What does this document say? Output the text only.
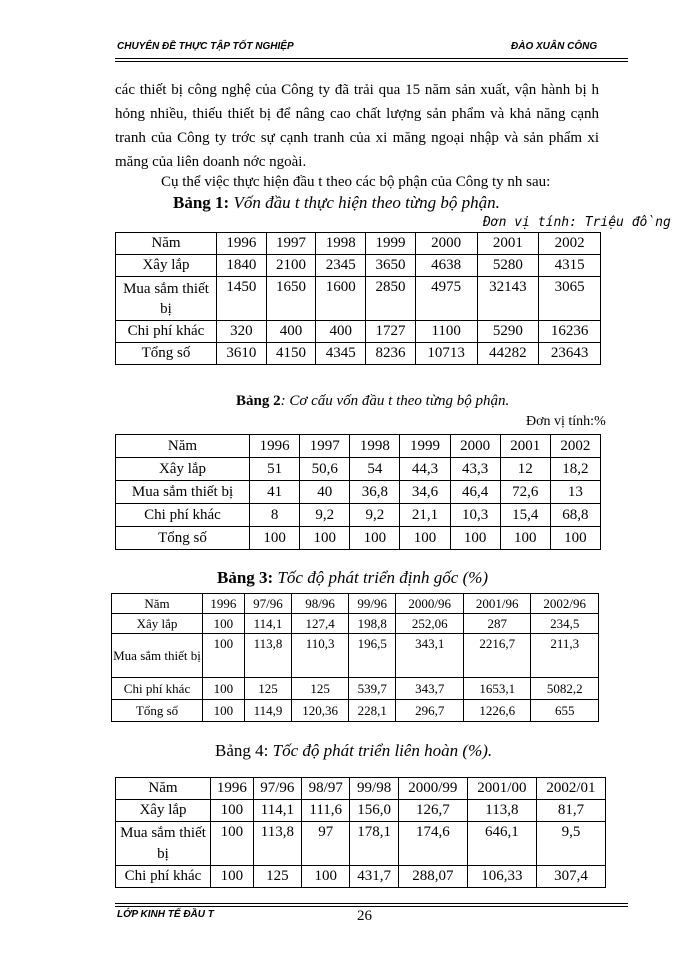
CHUYÊN ĐỀ THỰC TẬP TỐT NGHIỆP	ĐÀO XUÂN CÔNG

các thiết bị công nghệ của Công ty đã trải qua 15 năm sản xuất, vận hành bị h hỏng nhiều, thiếu thiết bị để nâng cao chất lượng sản phẩm và khả năng cạnh tranh của Công ty trớc sự cạnh tranh của xi măng ngoại nhập và sản phẩm xi măng của liên doanh nớc ngoài.

Cụ thể việc thực hiện đầu t theo các bộ phận của Công ty nh sau:
Bảng 1: Vốn đầu t thực hiện theo từng bộ phận.
Đơn vị tính: Triệu đồng
Năm	1996	1997	1998	1999	2000	2001	2002
Xây lắp	1840	2100	2345	3650	4638	5280	4315
Mua sắm thiết bị	1450	1650	1600	2850	4975	32143	3065
Chi phí khác	320	400	400	1727	1100	5290	16236
Tổng số	3610	4150	4345	8236	10713	44282	23643
Bảng 2: Cơ cấu vốn đầu t theo từng bộ phận.
Đơn vị tính:%
Năm	1996	1997	1998	1999	2000	2001	2002
Xây lắp	51	50,6	54	44,3	43,3	12	18,2
Mua sắm thiết bị	41	40	36,8	34,6	46,4	72,6	13
Chi phí khác	8	9,2	9,2	21,1	10,3	15,4	68,8
Tổng số	100	100	100	100	100	100	100
Bảng 3: Tốc độ phát triển định gốc (%)
Năm	1996	97/96	98/96	99/96	2000/96	2001/96	2002/96
Xây lắp	100	114,1	127,4	198,8	252,06	287	234,5
Mua sắm thiết bị	100	113,8	110,3	196,5	343,1	2216,7	211,3
Chi phí khác	100	125	125	539,7	343,7	1653,1	5082,2
Tổng số	100	114,9	120,36	228,1	296,7	1226,6	655
Bảng 4: Tốc độ phát triển liên hoàn (%).
Năm	1996	97/96	98/97	99/98	2000/99	2001/00	2002/01
Xây lắp	100	114,1	111,6	156,0	126,7	113,8	81,7
Mua sắm thiết bị	100	113,8	97	178,1	174,6	646,1	9,5
Chi phí khác	100	125	100	431,7	288,07	106,33	307,4
LỚP KINH TẾ ĐẦU T	26
